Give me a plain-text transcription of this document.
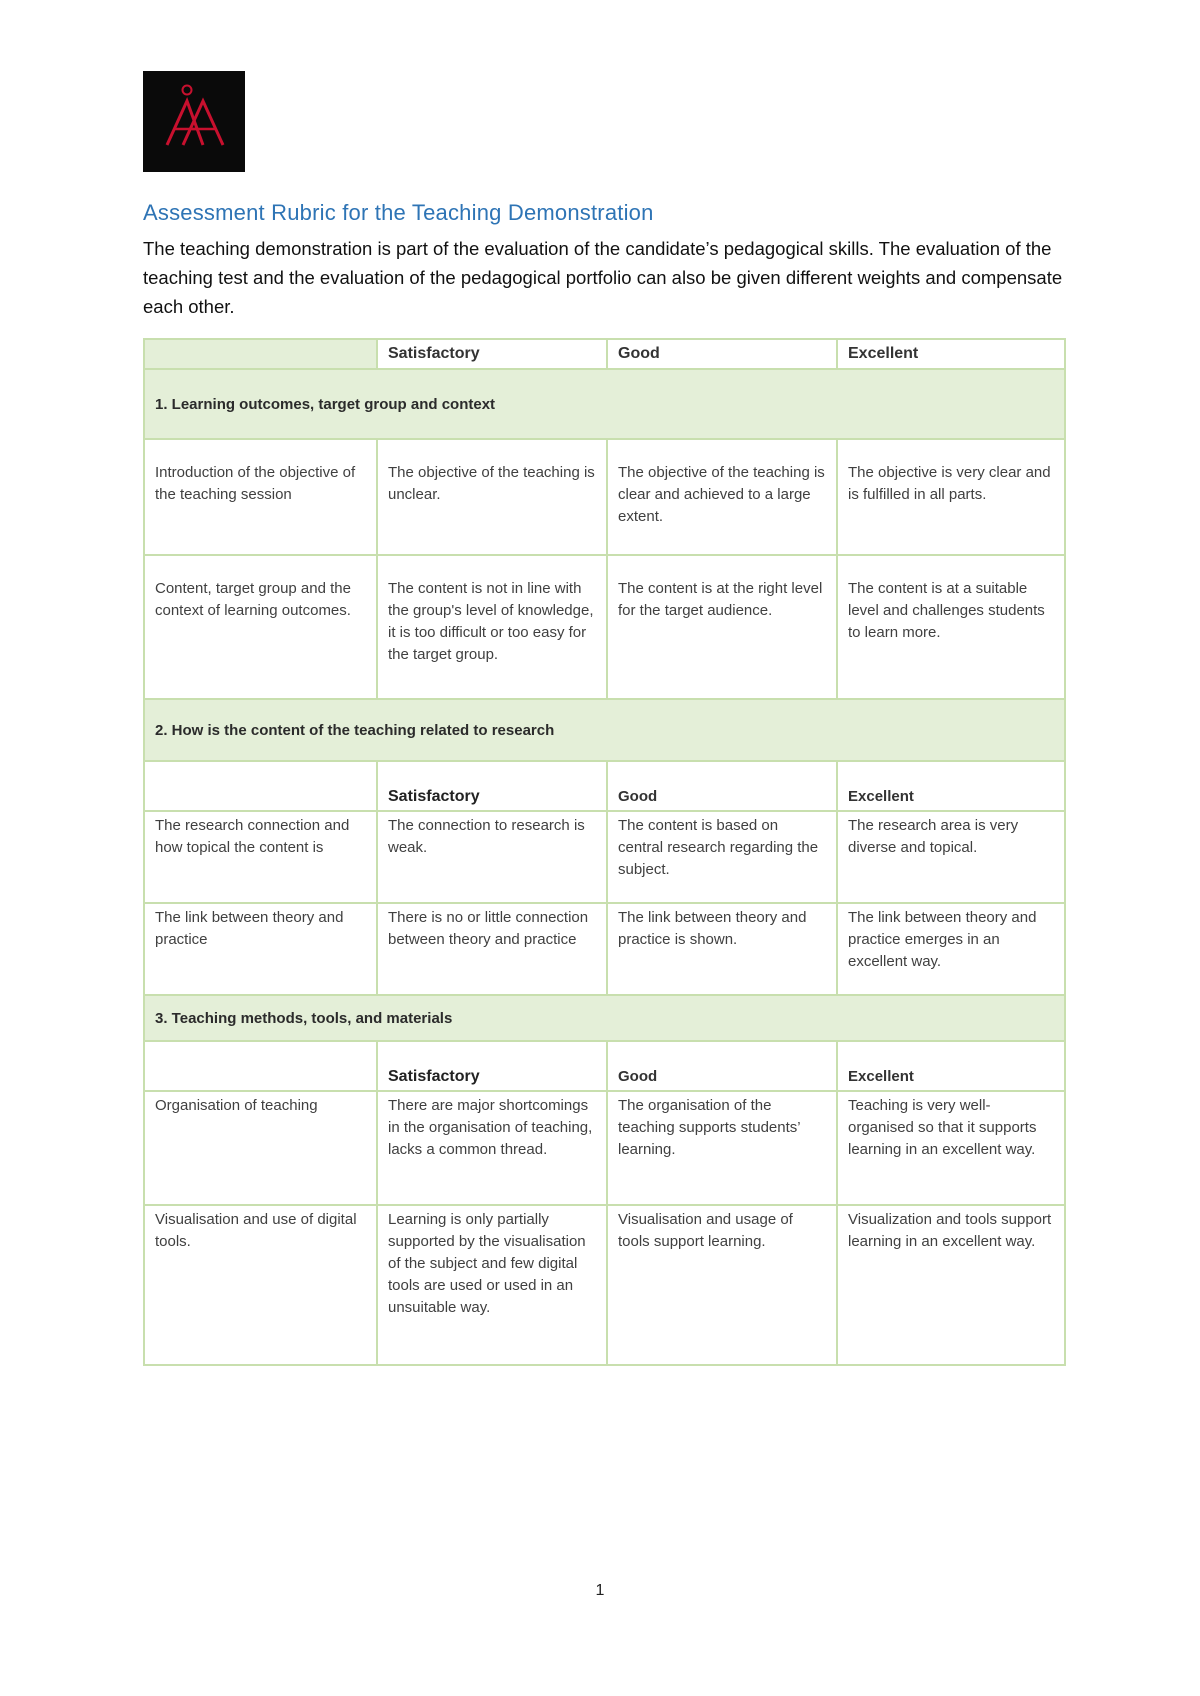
Assessment Rubric for the Teaching Demonstration
The teaching demonstration is part of the evaluation of the candidate’s pedagogical skills. The evaluation of the teaching test and the evaluation of the pedagogical portfolio can also be given different weights and compensate each other.
	Satisfactory	Good	Excellent
1. Learning outcomes, target group and context			
Introduction of the objective of the teaching session	The objective of the teaching is unclear.	The objective of the teaching is clear and achieved to a large extent.	The objective is very clear and is fulfilled in all parts.
Content, target group and the context of learning outcomes.	The content is not in line with the group's level of knowledge, it is too difficult or too easy for the target group.	The content is at the right level for the target audience.	The content is at a suitable level and challenges students to learn more.
2. How is the content of the teaching related to research			
	Satisfactory	Good	Excellent
The research connection and how topical the content is	The connection to research is weak.	The content is based on central research regarding the subject.	The research area is very diverse and topical.
The link between theory and practice	There is no or little connection between theory and practice	The link between theory and practice is shown.	The link between theory and practice emerges in an excellent way.
3. Teaching methods, tools, and materials			
	Satisfactory	Good	Excellent
Organisation of teaching	There are major shortcomings in the organisation of teaching, lacks a common thread.	The organisation of the teaching supports students’ learning.	Teaching is very well-organised so that it supports learning in an excellent way.
Visualisation and use of digital tools.	Learning is only partially supported by the visualisation of the subject and few digital tools are used or used in an unsuitable way.	Visualisation and usage of tools support learning.	Visualization and tools support learning in an excellent way.
1
